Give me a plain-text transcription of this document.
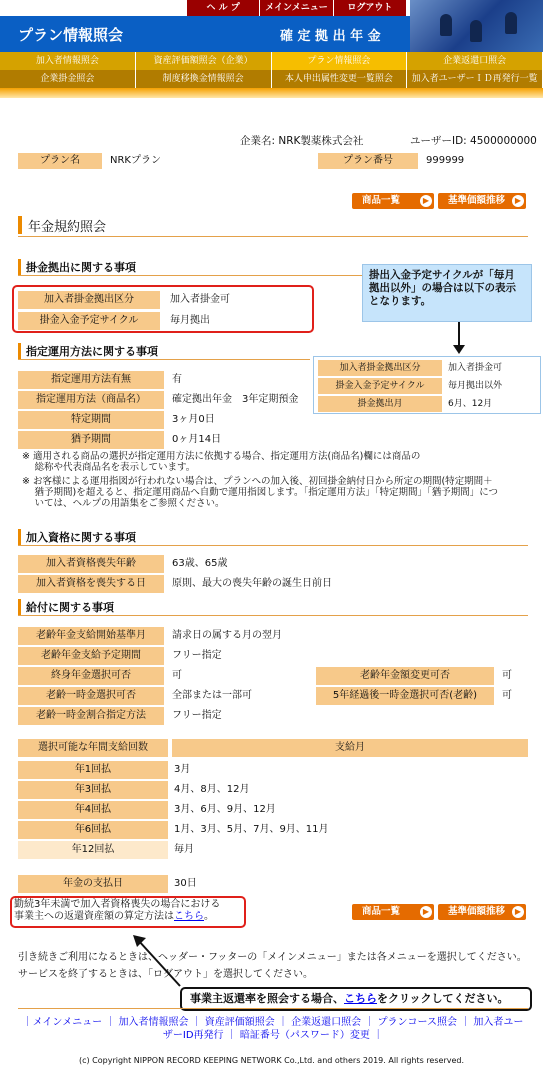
ヘ ル プ	メインメニュー	ログアウト
プラン情報照会	確 定 拠 出 年 金
加入者情報照会	資産評価額照会（企業）	プラン情報照会	企業返還口照会
企業掛金照会	制度移換金情報照会	本人申出属性変更一覧照会	加入者ユーザーＩＤ再発行一覧
企業名: NRK製薬株式会社	ユーザーID: 4500000000
プラン名	NRKプラン	プラン番号	999999
商品一覧	▶	基準価額推移	▶
年金規約照会
掛金拠出に関する事項
加入者掛金拠出区分	加入者掛金可
掛金入金予定サイクル	毎月拠出
掛出入金予定サイクルが「毎月拠出以外」の場合は以下の表示となります。
加入者掛金拠出区分	加入者掛金可
掛金入金予定サイクル	毎月拠出以外
掛金拠出月	6月、12月
指定運用方法に関する事項
指定運用方法有無	有
指定運用方法（商品名）	確定拠出年金　3年定期預金
特定期間	3ヶ月0日
猶予期間	0ヶ月14日
※ 適用される商品の選択が指定運用方法に依拠する場合、指定運用方法(商品名)欄には商品の
　 総称や代表商品名を表示しています。
※ お客様による運用指図が行われない場合は、プランへの加入後、初回掛金納付日から所定の期間(特定期間＋
　 猶予期間)を超えると、指定運用商品へ自動で運用指図します。「指定運用方法」「特定期間」「猶予期間」につ
　 いては、ヘルプの用語集をご参照ください。
加入資格に関する事項
加入者資格喪失年齢	63歳、65歳
加入者資格を喪失する日	原則、最大の喪失年齢の誕生日前日
給付に関する事項
老齢年金支給開始基準月	請求日の属する月の翌月
老齢年金支給予定期間	フリー指定
終身年金選択可否	可	老齢年金額変更可否	可
老齢一時金選択可否	全部または一部可	5年経過後一時金選択可否(老齢)	可
老齢一時金割合指定方法	フリー指定
選択可能な年間支給回数	支給月
年1回払	3月
年3回払	4月、8月、12月
年4回払	3月、6月、9月、12月
年6回払	1月、3月、5月、7月、9月、11月
年12回払	毎月
年金の支払日	30日
勤続3年未満で加入者資格喪失の場合における
事業主への返還資産額の算定方法はこちら。	商品一覧	▶	基準価額推移	▶
引き続きご利用になるときは、ヘッダー・フッターの「メインメニュー」または各メニューを選択してください。
サービスを終了するときは、「ログアウト」を選択してください。
事業主返還率を照会する場合、こちらをクリックしてください。
｜メインメニュー ｜ 加入者情報照会 ｜ 資産評価額照会 ｜ 企業返還口照会 ｜ プランコース照会 ｜ 加入者ユーザーID再発行 ｜ 暗証番号（パスワード）変更 ｜
(c) Copyright NIPPON RECORD KEEPING NETWORK Co.,Ltd. and others 2019. All rights reserved.
